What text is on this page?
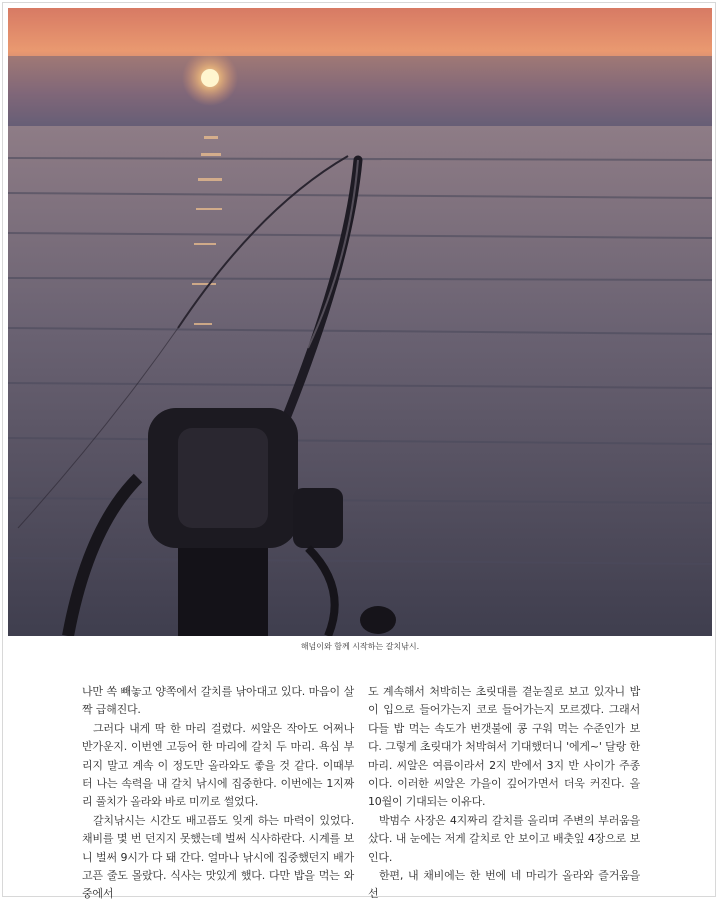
해넘이와 함께 시작하는 갈치낚시.

나만 쏙 빼놓고 양쪽에서 갈치를 낚아대고 있다. 마음이 살짝 급해진다.

그러다 내게 딱 한 마리 걸렸다. 씨알은 작아도 어쩌나 반가운지. 이번엔 고등어 한 마리에 갈치 두 마리. 욕심 부리지 말고 계속 이 정도만 올라와도 좋을 것 같다. 이때부터 나는 속력을 내 갈치 낚시에 집중한다. 이번에는 1지짜리 풀치가 올라와 바로 미끼로 썰었다.

갈치낚시는 시간도 배고픔도 잊게 하는 마력이 있었다. 채비를 몇 번 던지지 못했는데 벌써 식사하란다. 시계를 보니 벌써 9시가 다 돼 간다. 얼마나 낚시에 집중했던지 배가 고픈 줄도 몰랐다. 식사는 맛있게 했다. 다만 밥을 먹는 와중에서

도 계속해서 처박히는 초릿대를 곁눈질로 보고 있자니 밥이 입으로 들어가는지 코로 들어가는지 모르겠다. 그래서 다들 밥 먹는 속도가 번갯불에 콩 구워 먹는 수준인가 보다. 그렇게 초릿대가 처박혀서 기대했더니 '에게~' 달랑 한 마리. 씨알은 여름이라서 2지 반에서 3지 반 사이가 주종이다. 이러한 씨알은 가을이 깊어가면서 더욱 커진다. 올 10월이 기대되는 이유다.

박범수 사장은 4지짜리 갈치를 올리며 주변의 부러움을 샀다. 내 눈에는 저게 갈치로 안 보이고 배춧잎 4장으로 보인다.

한편, 내 채비에는 한 번에 네 마리가 올라와 즐거움을 선
